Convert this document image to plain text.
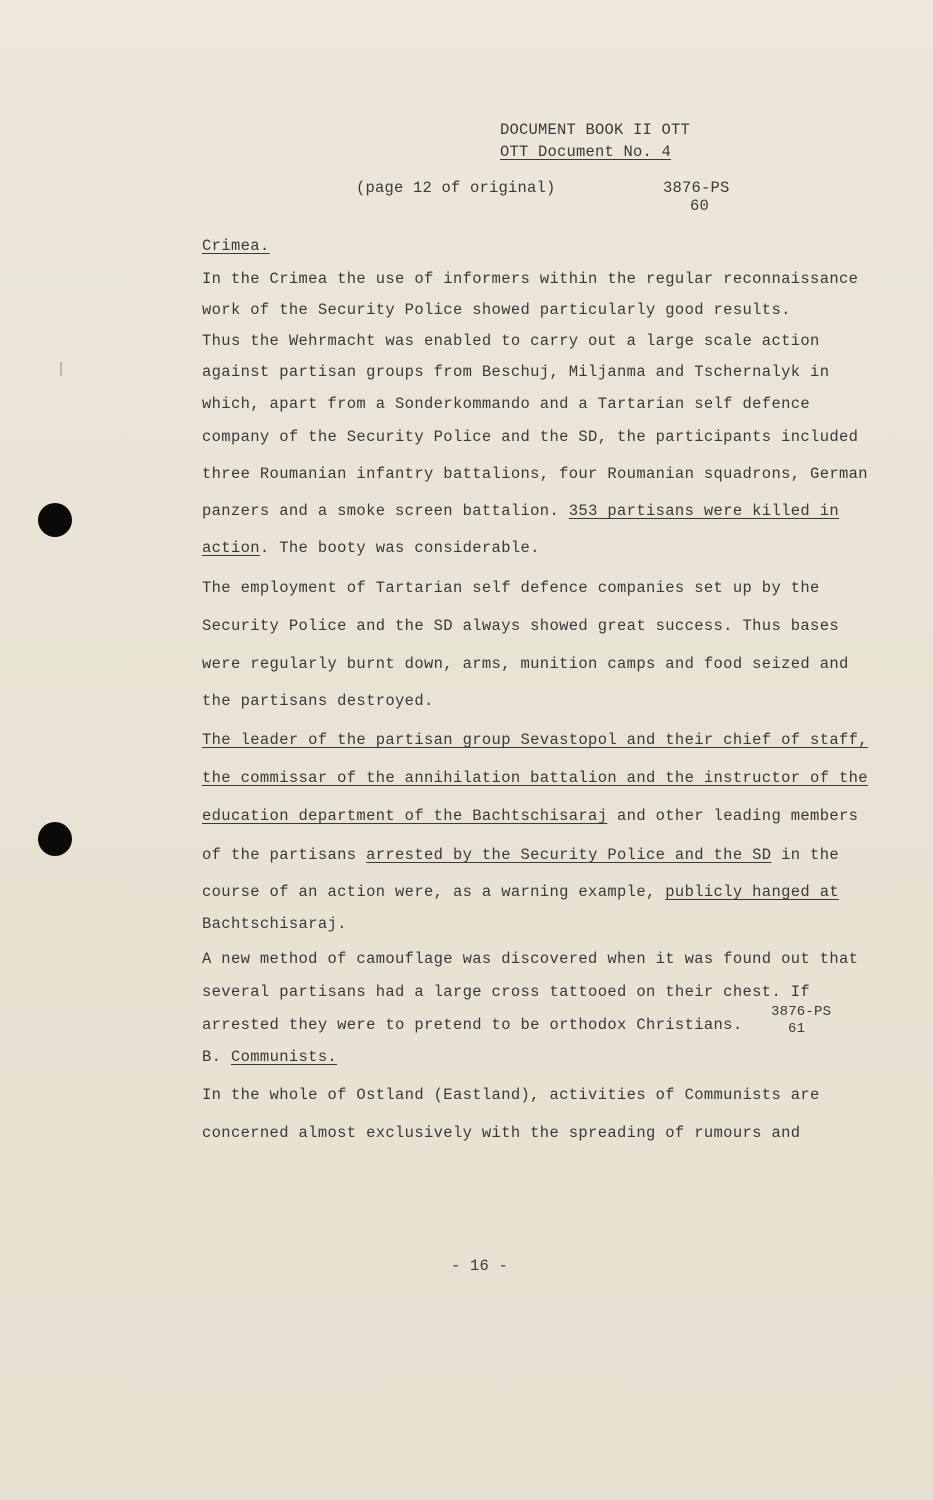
DOCUMENT BOOK II OTT
OTT Document No. 4
(page 12 of original)	3876-PS
60
Crimea.
In the Crimea the use of informers within the regular reconnaissance
work of the Security Police showed particularly good results.
Thus the Wehrmacht was enabled to carry out a large scale action
against partisan groups from Beschuj, Miljanma and Tschernalyk in
which, apart from a Sonderkommando and a Tartarian self defence
company of the Security Police and the SD, the participants included
three Roumanian infantry battalions, four Roumanian squadrons, German
panzers and a smoke screen battalion. 353 partisans were killed in
action. The booty was considerable.
The employment of Tartarian self defence companies set up by the
Security Police and the SD always showed great success. Thus bases
were regularly burnt down, arms, munition camps and food seized and
the partisans destroyed.
The leader of the partisan group Sevastopol and their chief of staff,
the commissar of the annihilation battalion and the instructor of the
education department of the Bachtschisaraj and other leading members
of the partisans arrested by the Security Police and the SD in the
course of an action were, as a warning example, publicly hanged at
Bachtschisaraj.
A new method of camouflage was discovered when it was found out that
several partisans had a large cross tattooed on their chest. If
arrested they were to pretend to be orthodox Christians.
3876-PS
61
B. Communists.
In the whole of Ostland (Eastland), activities of Communists are
concerned almost exclusively with the spreading of rumours and
- 16 -
